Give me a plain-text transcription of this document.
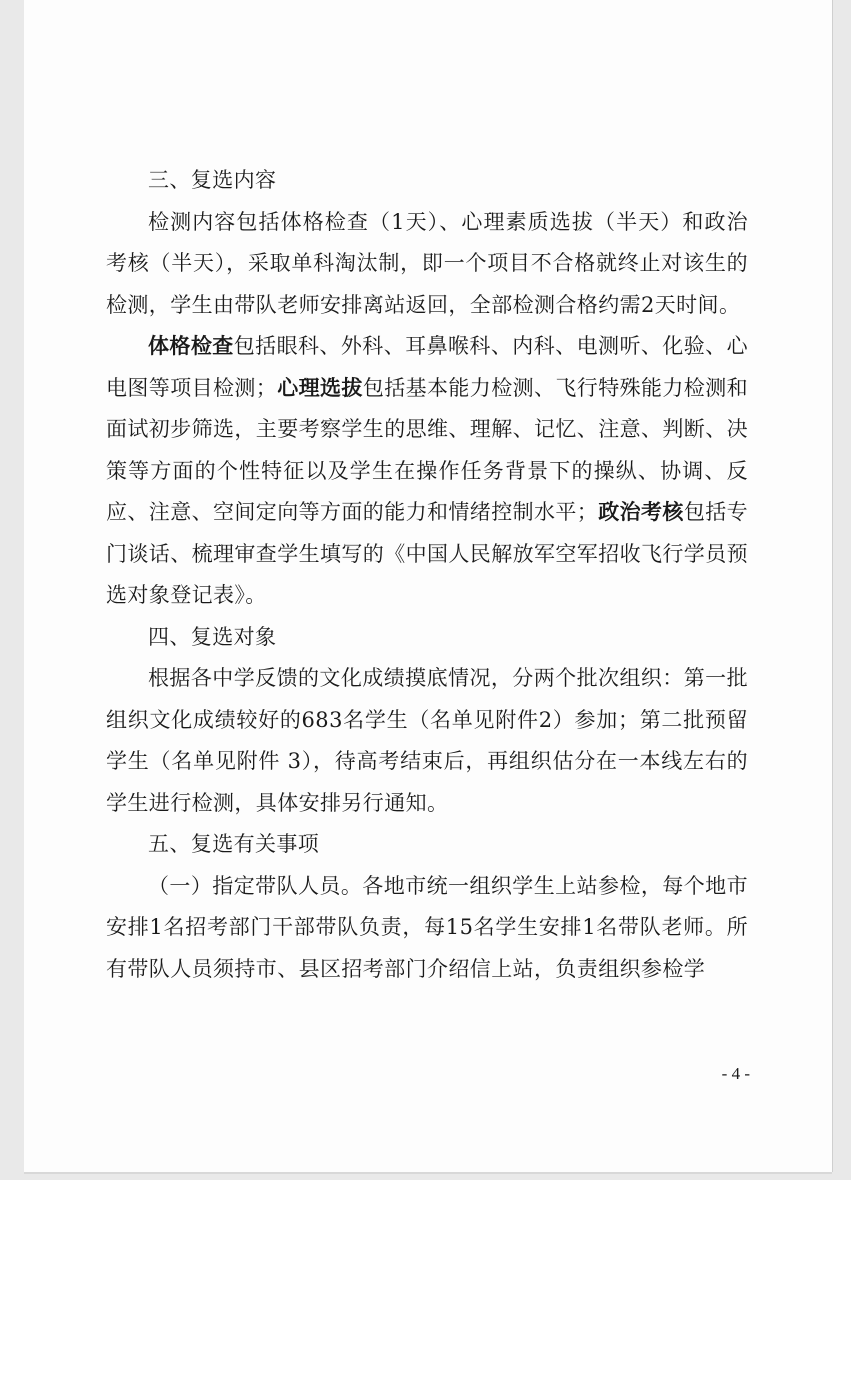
三、复选内容

检测内容包括体格检查（1天）、心理素质选拔（半天）和政治考核（半天），采取单科淘汰制，即一个项目不合格就终止对该生的检测，学生由带队老师安排离站返回，全部检测合格约需2天时间。

体格检查包括眼科、外科、耳鼻喉科、内科、电测听、化验、心电图等项目检测；心理选拔包括基本能力检测、飞行特殊能力检测和面试初步筛选，主要考察学生的思维、理解、记忆、注意、判断、决策等方面的个性特征以及学生在操作任务背景下的操纵、协调、反应、注意、空间定向等方面的能力和情绪控制水平；政治考核包括专门谈话、梳理审查学生填写的《中国人民解放军空军招收飞行学员预选对象登记表》。

四、复选对象

根据各中学反馈的文化成绩摸底情况，分两个批次组织：第一批组织文化成绩较好的683名学生（名单见附件2）参加；第二批预留学生（名单见附件 3），待高考结束后，再组织估分在一本线左右的学生进行检测，具体安排另行通知。

五、复选有关事项

（一）指定带队人员。各地市统一组织学生上站参检，每个地市安排1名招考部门干部带队负责，每15名学生安排1名带队老师。所有带队人员须持市、县区招考部门介绍信上站，负责组织参检学

- 4 -
